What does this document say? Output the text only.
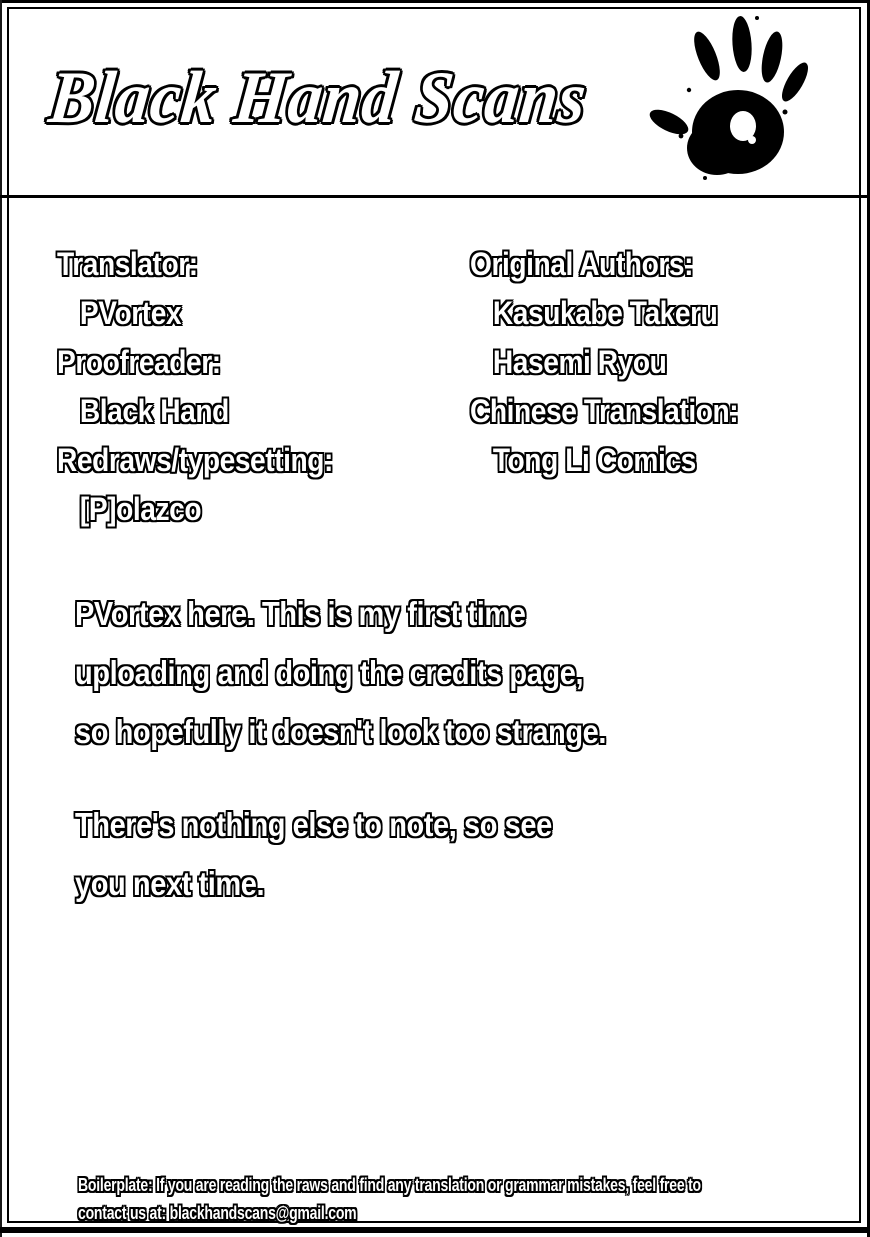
Black Hand Scans
Translator:
PVortex
Proofreader:
Black Hand
Redraws/typesetting:
[P]olazco
Original Authors:
Kasukabe Takeru
Hasemi Ryou
Chinese Translation:
Tong Li Comics
PVortex here. This is my first time
uploading and doing the credits page,
so hopefully it doesn't look too strange.
There's nothing else to note, so see
you next time.
Boilerplate: If you are reading the raws and find any translation or grammar mistakes, feel free to
contact us at: blackhandscans@gmail.com
